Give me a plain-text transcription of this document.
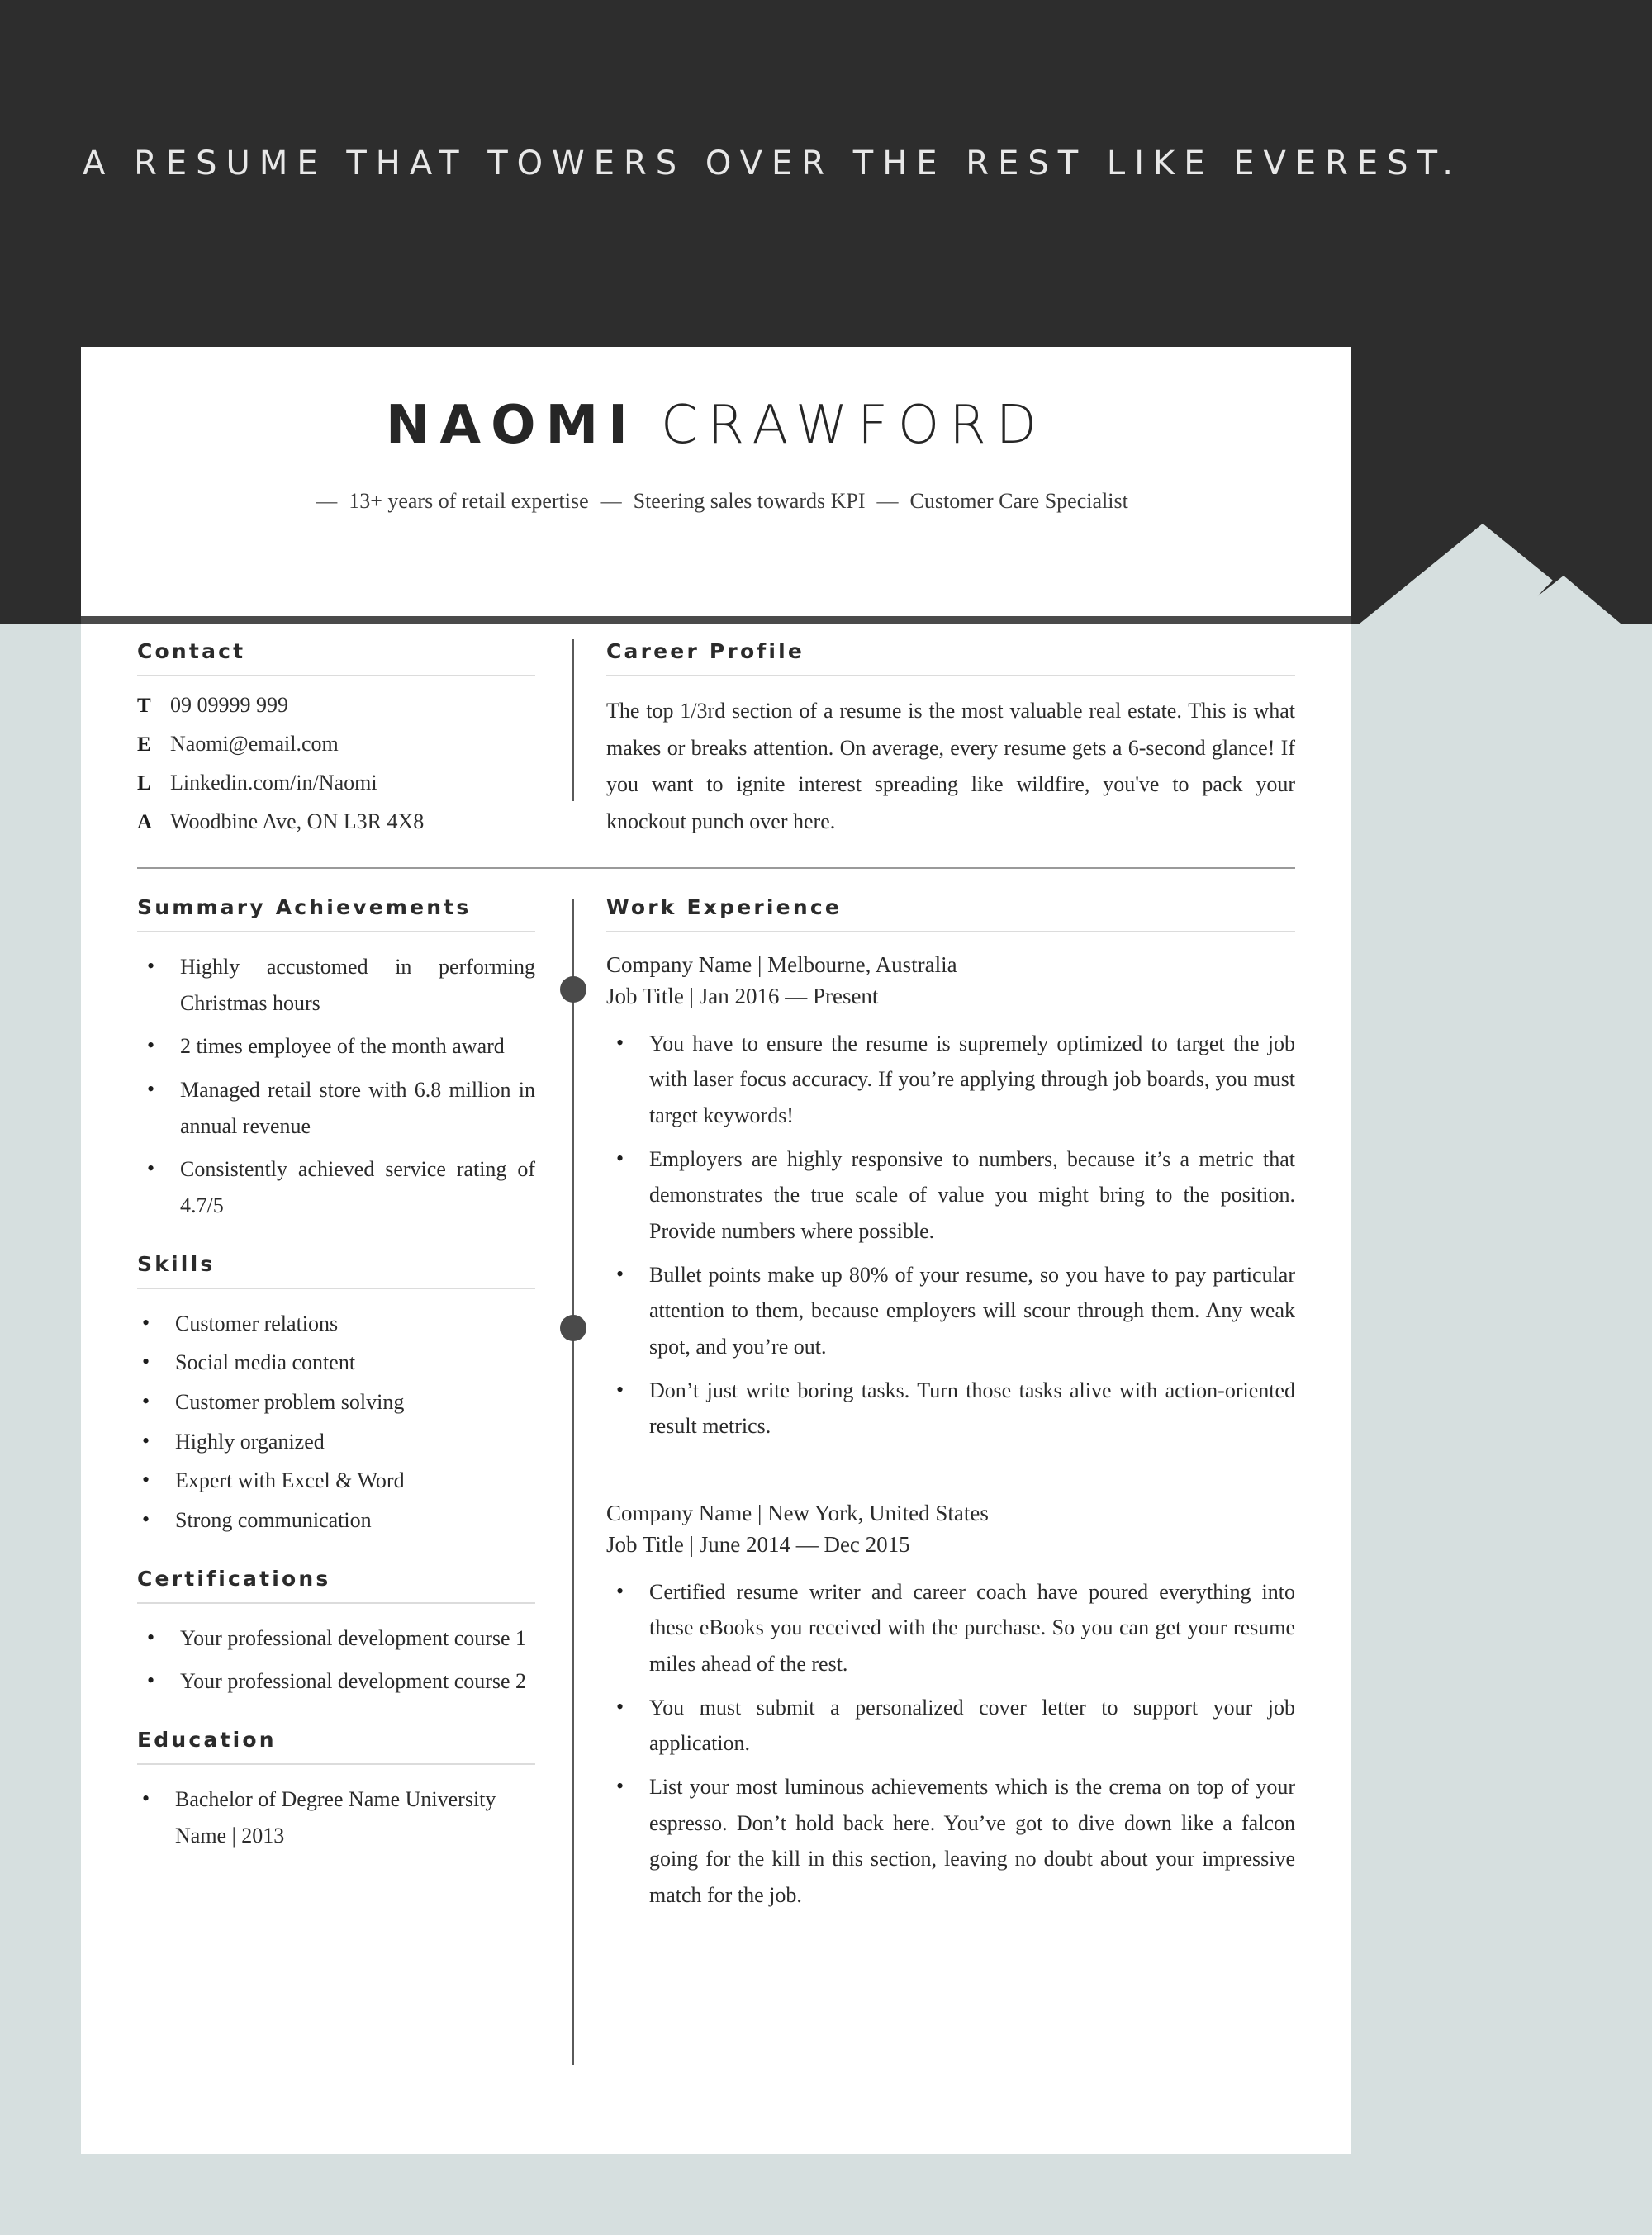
A RESUME THAT TOWERS OVER THE REST LIKE EVEREST.
NAOMI CRAWFORD
— 13+ years of retail expertise — Steering sales towards KPI — Customer Care Specialist
Contact
T 09 09999 999
E Naomi@email.com
L Linkedin.com/in/Naomi
A Woodbine Ave, ON L3R 4X8
Career Profile

The top 1/3rd section of a resume is the most valuable real estate. This is what makes or breaks attention. On average, every resume gets a 6-second glance! If you want to ignite interest spreading like wildfire, you've to pack your knockout punch over here.

Summary Achievements
• Highly accustomed in performing Christmas hours
• 2 times employee of the month award
• Managed retail store with 6.8 million in annual revenue
• Consistently achieved service rating of 4.7/5
Skills
• Customer relations
• Social media content
• Customer problem solving
• Highly organized
• Expert with Excel & Word
• Strong communication
Certifications
• Your professional development course 1
• Your professional development course 2
Education
• Bachelor of Degree Name University Name | 2013
Work Experience
Company Name | Melbourne, Australia
Job Title | Jan 2016 — Present
• You have to ensure the resume is supremely optimized to target the job with laser focus accuracy. If you’re applying through job boards, you must target keywords!
• Employers are highly responsive to numbers, because it’s a metric that demonstrates the true scale of value you might bring to the position. Provide numbers where possible.
• Bullet points make up 80% of your resume, so you have to pay particular attention to them, because employers will scour through them. Any weak spot, and you’re out.
• Don’t just write boring tasks. Turn those tasks alive with action-oriented result metrics.
Company Name | New York, United States
Job Title | June 2014 — Dec 2015
• Certified resume writer and career coach have poured everything into these eBooks you received with the purchase. So you can get your resume miles ahead of the rest.
• You must submit a personalized cover letter to support your job application.
• List your most luminous achievements which is the crema on top of your espresso. Don’t hold back here. You’ve got to dive down like a falcon going for the kill in this section, leaving no doubt about your impressive match for the job.
